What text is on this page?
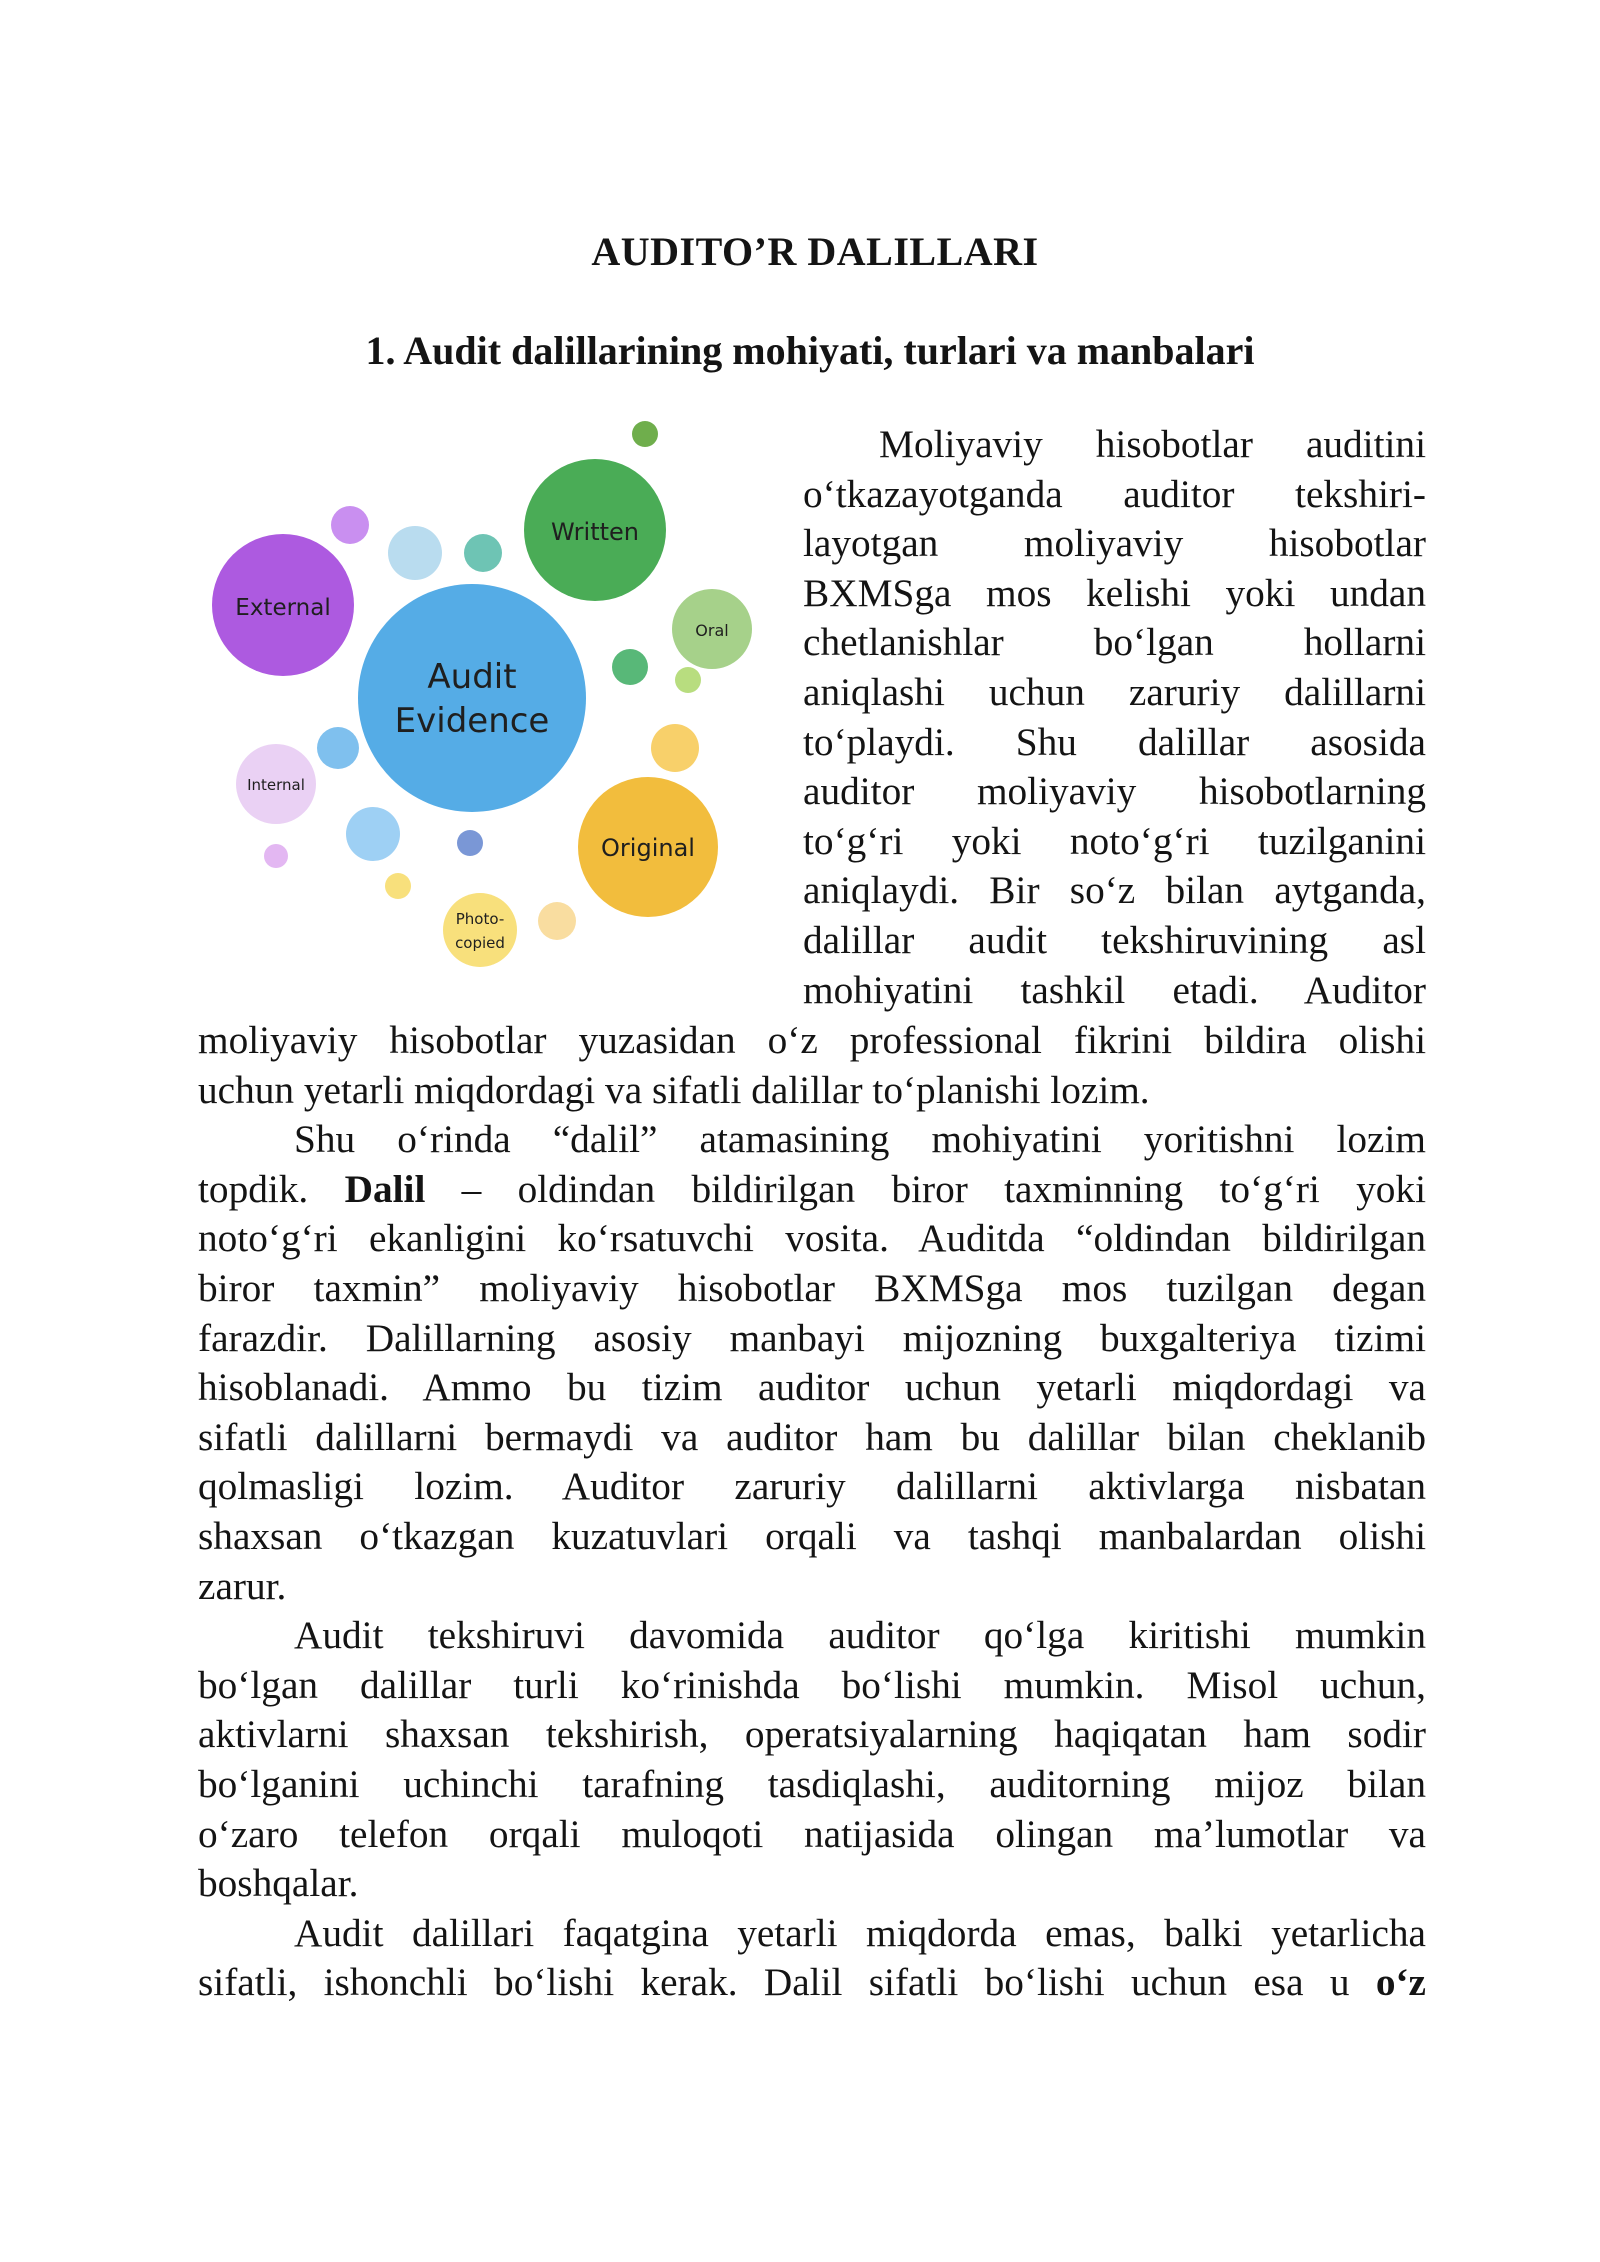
AUDITO’R DALILLARI
1. Audit dalillarining mohiyati, turlari va manbalari
Written
External
Oral
Audit
Evidence
Internal
Original
Photo-
copied
Moliyaviy hisobotlar auditini
o‘tkazayotganda auditor tekshiri-
layotgan moliyaviy hisobotlar
BXMSga mos kelishi yoki undan
chetlanishlar bo‘lgan hollarni
aniqlashi uchun zaruriy dalillarni
to‘playdi. Shu dalillar asosida
auditor moliyaviy hisobotlarning
to‘g‘ri yoki noto‘g‘ri tuzilganini
aniqlaydi. Bir so‘z bilan aytganda,
dalillar audit tekshiruvining asl
mohiyatini tashkil etadi. Auditor
moliyaviy hisobotlar yuzasidan o‘z professional fikrini bildira olishi
uchun yetarli miqdordagi va sifatli dalillar to‘planishi lozim.
Shu o‘rinda “dalil” atamasining mohiyatini yoritishni lozim
topdik. Dalil – oldindan bildirilgan biror taxminning to‘g‘ri yoki
noto‘g‘ri ekanligini ko‘rsatuvchi vosita. Auditda “oldindan bildirilgan
biror taxmin” moliyaviy hisobotlar BXMSga mos tuzilgan degan
farazdir. Dalillarning asosiy manbayi mijozning buxgalteriya tizimi
hisoblanadi. Ammo bu tizim auditor uchun yetarli miqdordagi va
sifatli dalillarni bermaydi va auditor ham bu dalillar bilan cheklanib
qolmasligi lozim. Auditor zaruriy dalillarni aktivlarga nisbatan
shaxsan o‘tkazgan kuzatuvlari orqali va tashqi manbalardan olishi
zarur.
Audit tekshiruvi davomida auditor qo‘lga kiritishi mumkin
bo‘lgan dalillar turli ko‘rinishda bo‘lishi mumkin. Misol uchun,
aktivlarni shaxsan tekshirish, operatsiyalarning haqiqatan ham sodir
bo‘lganini uchinchi tarafning tasdiqlashi, auditorning mijoz bilan
o‘zaro telefon orqali muloqoti natijasida olingan ma’lumotlar va
boshqalar.
Audit dalillari faqatgina yetarli miqdorda emas, balki yetarlicha
sifatli, ishonchli bo‘lishi kerak. Dalil sifatli bo‘lishi uchun esa u o‘z
